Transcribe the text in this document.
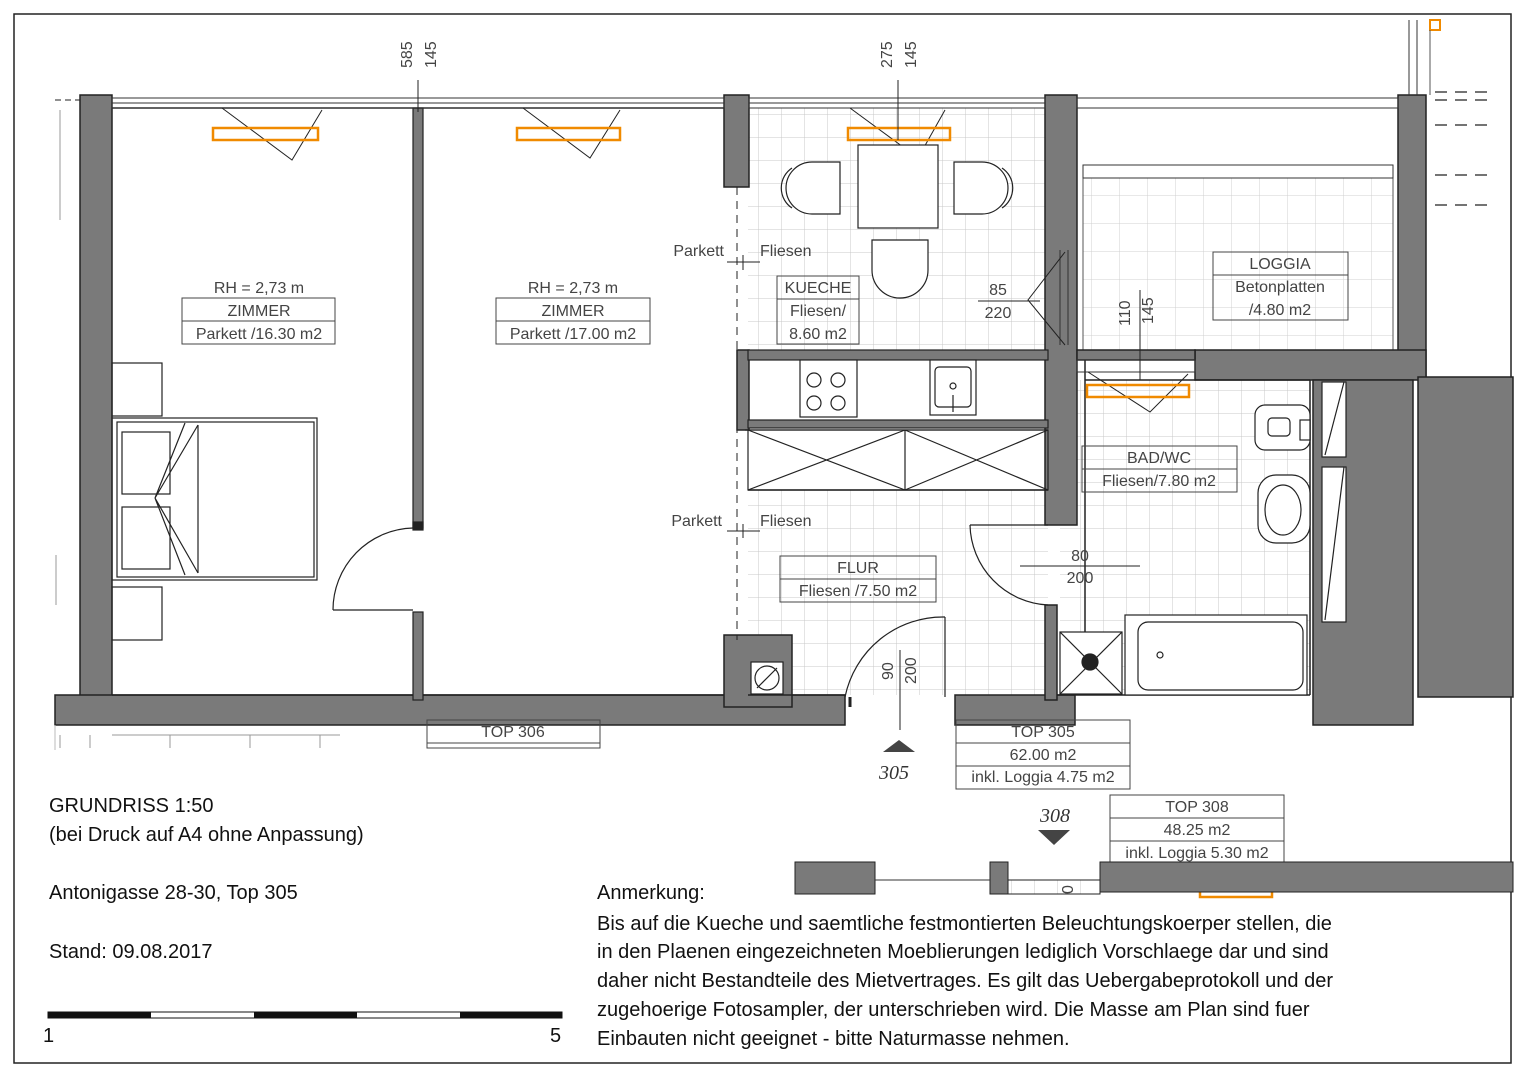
585 145	275 145
110 145
90 200
0
85
220
80
200
Parkett Fliesen
Parkett Fliesen
RH = 2,73 m
ZIMMER
Parkett /16.30 m2
RH = 2,73 m
ZIMMER
Parkett /17.00 m2
KUECHE
Fliesen/
8.60 m2
LOGGIA
Betonplatten
/4.80 m2
BAD/WC
Fliesen/7.80 m2
FLUR
Fliesen /7.50 m2
TOP 306	TOP 305
62.00 m2
inkl. Loggia 4.75 m2
TOP 308
48.25 m2
inkl. Loggia 5.30 m2
95.10 m2
305
308
GRUNDRISS 1:50
(bei Druck auf A4 ohne Anpassung)
Antonigasse 28-30, Top 305
Stand: 09.08.2017
1	5
Anmerkung:
Bis auf die Kueche und saemtliche festmontierten Beleuchtungskoerper stellen, die
in den Plaenen eingezeichneten Moeblierungen lediglich Vorschlaege dar und sind
daher nicht Bestandteile des Mietvertrages. Es gilt das Uebergabeprotokoll und der
zugehoerige Fotosampler, der unterschrieben wird. Die Masse am Plan sind fuer
Einbauten nicht geeignet - bitte Naturmasse nehmen.
